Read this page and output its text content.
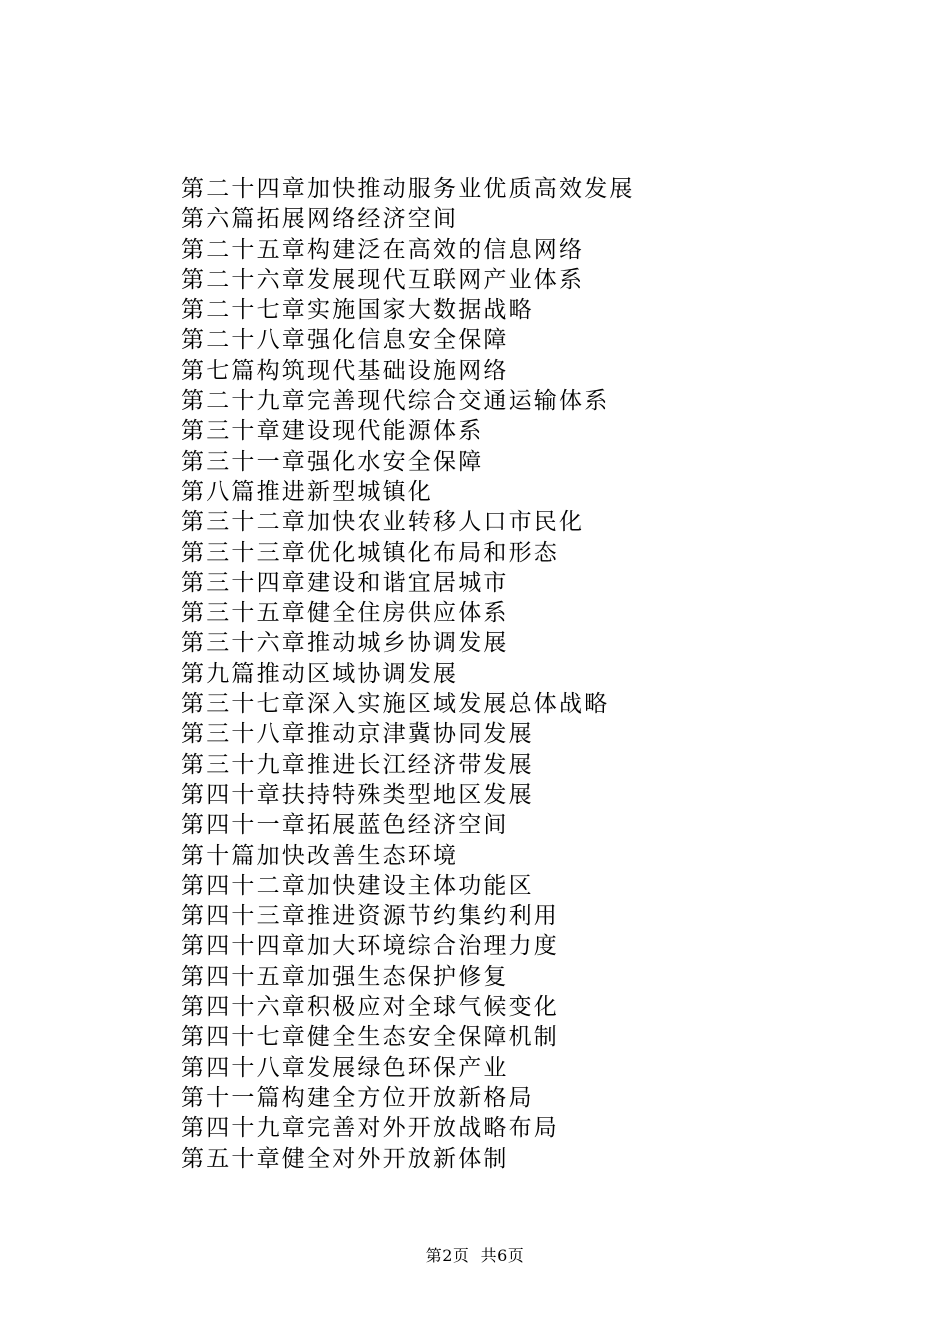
第二十四章加快推动服务业优质高效发展
第六篇拓展网络经济空间
第二十五章构建泛在高效的信息网络
第二十六章发展现代互联网产业体系
第二十七章实施国家大数据战略
第二十八章强化信息安全保障
第七篇构筑现代基础设施网络
第二十九章完善现代综合交通运输体系
第三十章建设现代能源体系
第三十一章强化水安全保障
第八篇推进新型城镇化
第三十二章加快农业转移人口市民化
第三十三章优化城镇化布局和形态
第三十四章建设和谐宜居城市
第三十五章健全住房供应体系
第三十六章推动城乡协调发展
第九篇推动区域协调发展
第三十七章深入实施区域发展总体战略
第三十八章推动京津冀协同发展
第三十九章推进长江经济带发展
第四十章扶持特殊类型地区发展
第四十一章拓展蓝色经济空间
第十篇加快改善生态环境
第四十二章加快建设主体功能区
第四十三章推进资源节约集约利用
第四十四章加大环境综合治理力度
第四十五章加强生态保护修复
第四十六章积极应对全球气候变化
第四十七章健全生态安全保障机制
第四十八章发展绿色环保产业
第十一篇构建全方位开放新格局
第四十九章完善对外开放战略布局
第五十章健全对外开放新体制
第2页 共6页
